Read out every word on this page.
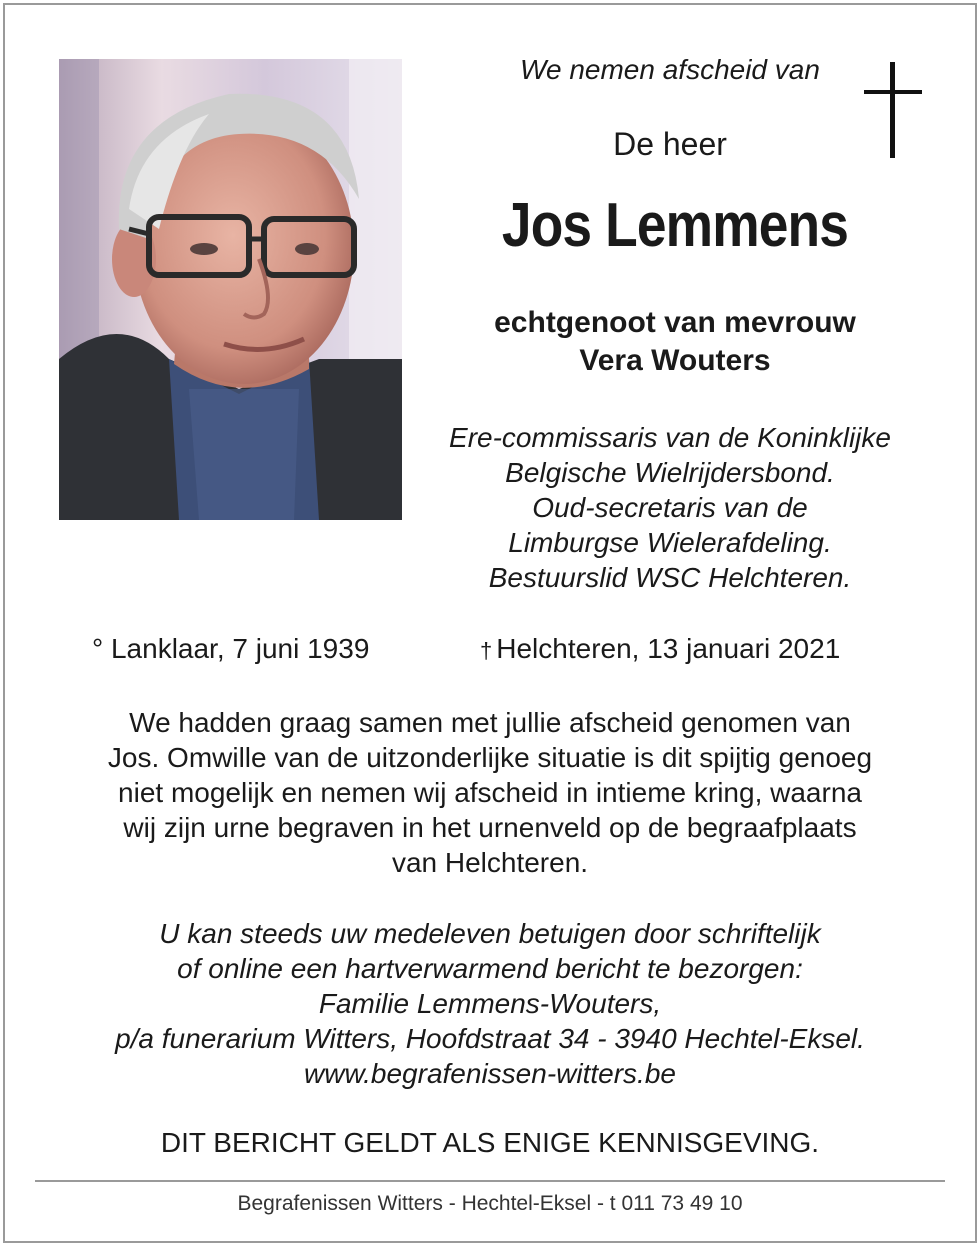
We nemen afscheid van
De heer
Jos Lemmens
echtgenoot van mevrouw
Vera Wouters
Ere-commissaris van de Koninklijke
Belgische Wielrijdersbond.
Oud-secretaris van de
Limburgse Wielerafdeling.
Bestuurslid WSC Helchteren.
° Lanklaar, 7 juni 1939	† Helchteren, 13 januari 2021
We hadden graag samen met jullie afscheid genomen van
Jos. Omwille van de uitzonderlijke situatie is dit spijtig genoeg
niet mogelijk en nemen wij afscheid in intieme kring, waarna
wij zijn urne begraven in het urnenveld op de begraafplaats
van Helchteren.
U kan steeds uw medeleven betuigen door schriftelijk
of online een hartverwarmend bericht te bezorgen:
Familie Lemmens-Wouters,
p/a funerarium Witters, Hoofdstraat 34 - 3940 Hechtel-Eksel.
www.begrafenissen-witters.be
DIT BERICHT GELDT ALS ENIGE KENNISGEVING.
Begrafenissen Witters - Hechtel-Eksel - t 011 73 49 10
